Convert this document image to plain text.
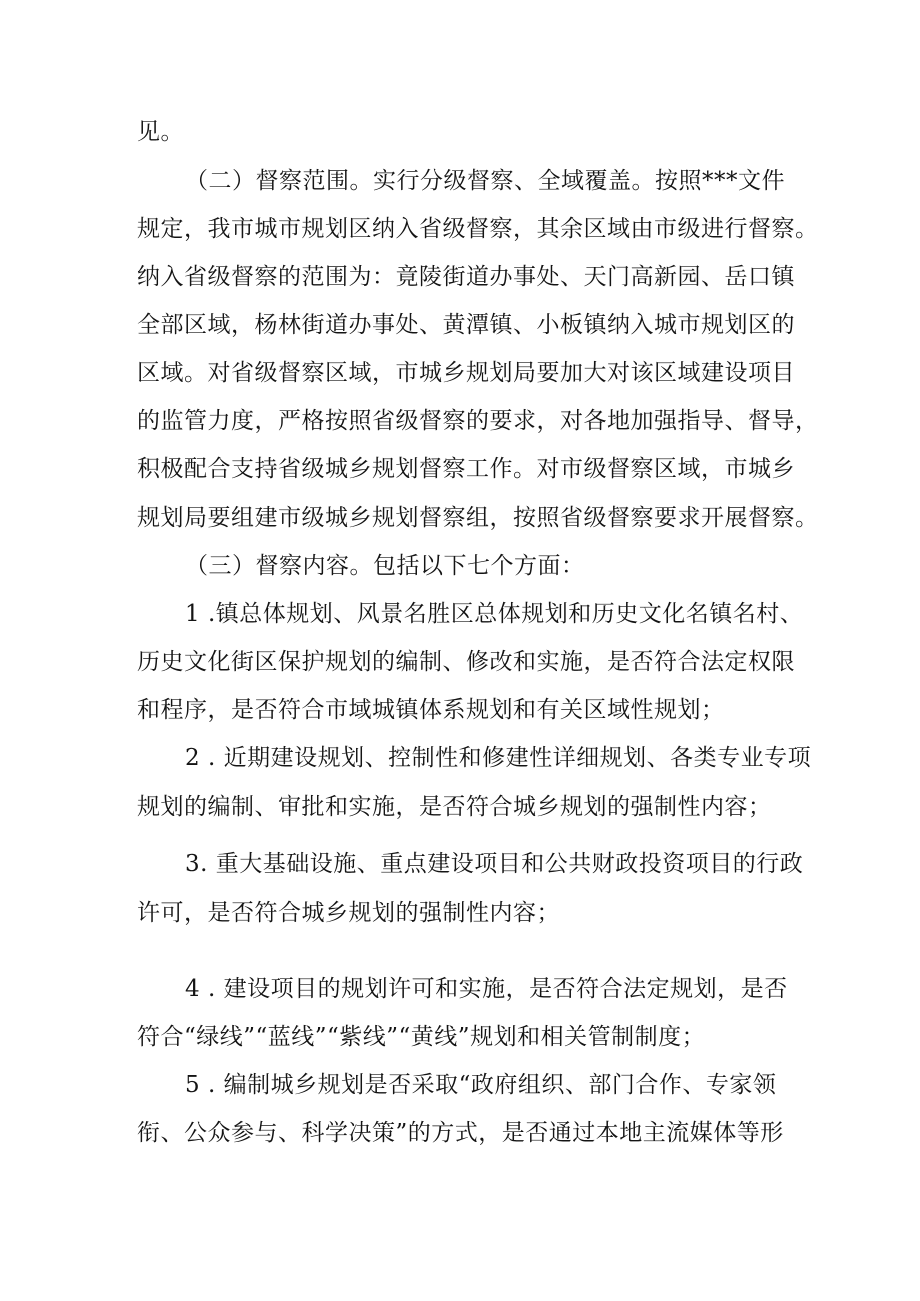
见。
（二）督察范围。实行分级督察、全域覆盖。按照***文件
规定，我市城市规划区纳入省级督察，其余区域由市级进行督察。
纳入省级督察的范围为：竟陵街道办事处、天门高新园、岳口镇
全部区域，杨林街道办事处、黄潭镇、小板镇纳入城市规划区的
区域。对省级督察区域，市城乡规划局要加大对该区域建设项目
的监管力度，严格按照省级督察的要求，对各地加强指导、督导，
积极配合支持省级城乡规划督察工作。对市级督察区域，市城乡
规划局要组建市级城乡规划督察组，按照省级督察要求开展督察。
（三）督察内容。包括以下七个方面：
1 .镇总体规划、风景名胜区总体规划和历史文化名镇名村、
历史文化街区保护规划的编制、修改和实施，是否符合法定权限
和程序，是否符合市域城镇体系规划和有关区域性规划；
2 . 近期建设规划、控制性和修建性详细规划、各类专业专项
规划的编制、审批和实施，是否符合城乡规划的强制性内容；
3. 重大基础设施、重点建设项目和公共财政投资项目的行政
许可，是否符合城乡规划的强制性内容；
4 . 建设项目的规划许可和实施，是否符合法定规划，是否
符合“绿线”“蓝线”“紫线”“黄线”规划和相关管制制度；
5 . 编制城乡规划是否采取“政府组织、部门合作、专家领
衔、公众参与、科学决策”的方式，是否通过本地主流媒体等形
